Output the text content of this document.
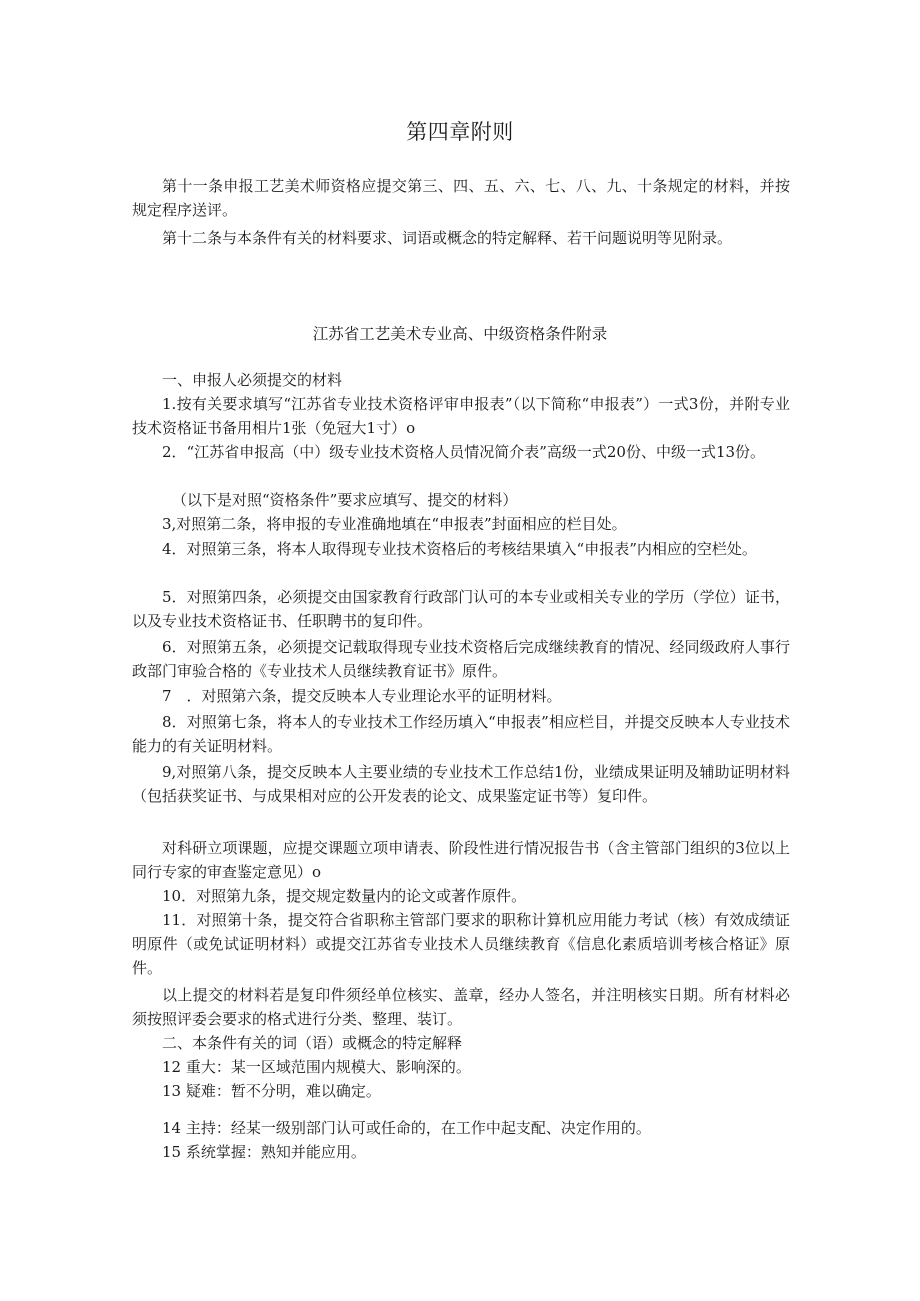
第四章附则

第十一条申报工艺美术师资格应提交第三、四、五、六、七、八、九、十条规定的材料，并按规定程序送评。

第十二条与本条件有关的材料要求、词语或概念的特定解释、若干问题说明等见附录。

江苏省工艺美术专业高、中级资格条件附录

一、申报人必须提交的材料

1.按有关要求填写“江苏省专业技术资格评审申报表”（以下简称“申报表”）一式3份，并附专业技术资格证书备用相片1张（免冠大1寸）o

2．“江苏省申报高（中）级专业技术资格人员情况简介表”高级一式20份、中级一式13份。

（以下是对照“资格条件”要求应填写、提交的材料）

3,对照第二条，将申报的专业准确地填在“申报表”封面相应的栏目处。

4．对照第三条，将本人取得现专业技术资格后的考核结果填入“申报表”内相应的空栏处。

5．对照第四条，必须提交由国家教育行政部门认可的本专业或相关专业的学历（学位）证书，以及专业技术资格证书、任职聘书的复印件。

6．对照第五条，必须提交记载取得现专业技术资格后完成继续教育的情况、经同级政府人事行政部门审验合格的《专业技术人员继续教育证书》原件。

7　．对照第六条，提交反映本人专业理论水平的证明材料。

8．对照第七条，将本人的专业技术工作经历填入“申报表”相应栏目，并提交反映本人专业技术能力的有关证明材料。

9,对照第八条，提交反映本人主要业绩的专业技术工作总结1份，业绩成果证明及辅助证明材料（包括获奖证书、与成果相对应的公开发表的论文、成果鉴定证书等）复印件。

对科研立项课题，应提交课题立项申请表、阶段性进行情况报告书（含主管部门组织的3位以上同行专家的审查鉴定意见）o

10．对照第九条，提交规定数量内的论文或著作原件。

11．对照第十条，提交符合省职称主管部门要求的职称计算机应用能力考试（核）有效成绩证明原件（或免试证明材料）或提交江苏省专业技术人员继续教育《信息化素质培训考核合格证》原件。

以上提交的材料若是复印件须经单位核实、盖章，经办人签名，并注明核实日期。所有材料必须按照评委会要求的格式进行分类、整理、装订。

二、本条件有关的词（语）或概念的特定解释

12 重大：某一区域范围内规模大、影响深的。

13 疑难：暂不分明，难以确定。

14 主持：经某一级别部门认可或任命的，在工作中起支配、决定作用的。

15 系统掌握：熟知并能应用。
